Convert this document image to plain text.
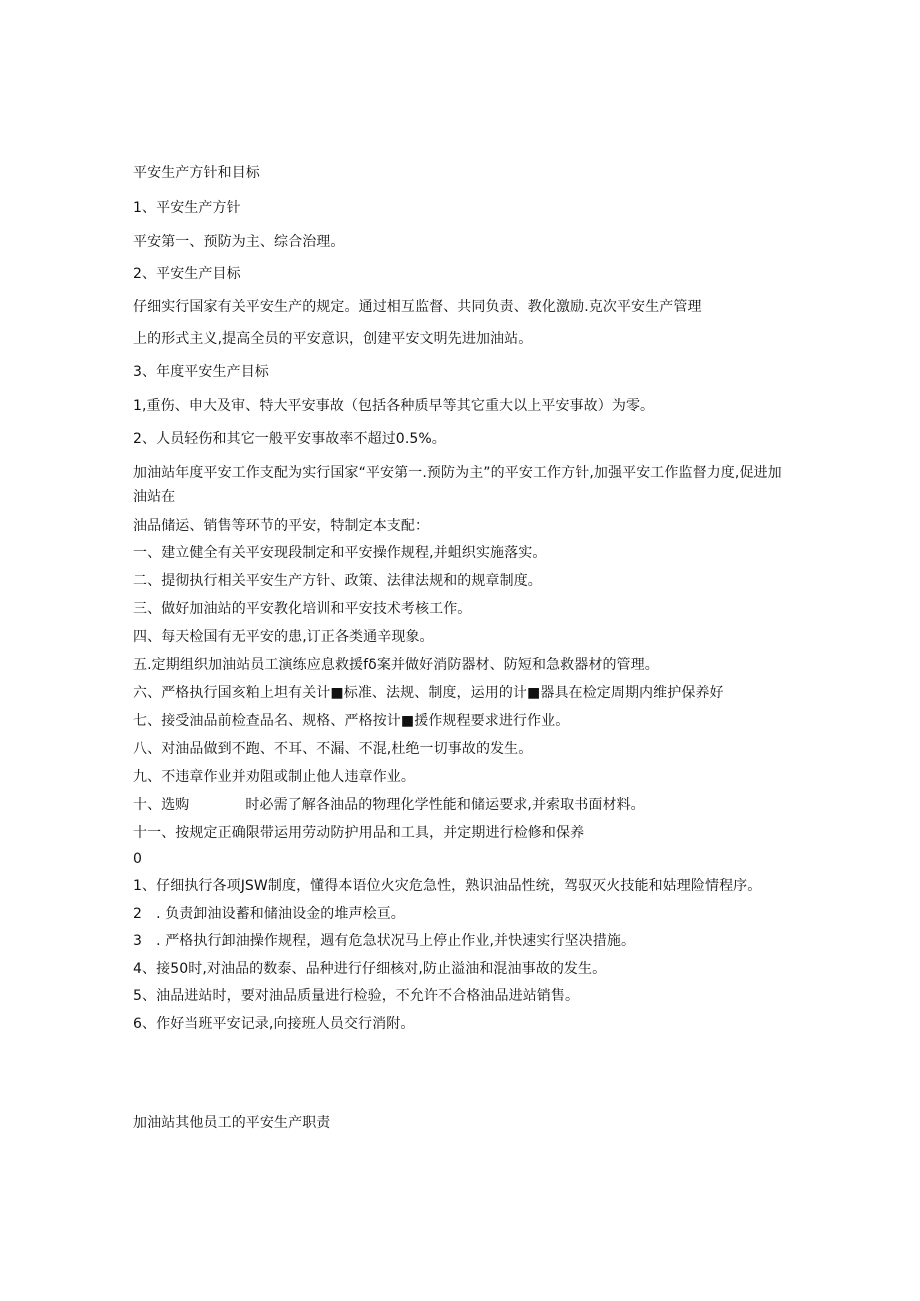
平安生产方针和目标
1、平安生产方针
平安第一、预防为主、综合治理。
2、平安生产目标
仔细实行国家有关平安生产的规定。通过相互监督、共同负责、教化激励.克次平安生产管理
上的形式主义,提高全员的平安意识，创建平安文明先进加油站。
3、年度平安生产目标
1,重伤、申大及审、特大平安事故（包括各种质早等其它重大以上平安事故）为零。
2、人员轻伤和其它一般平安事故率不超过0.5%。
加油站年度平安工作支配为实行国家“平安第一.预防为主”的平安工作方针,加强平安工作监督力度,促进加油站在
油品储运、销售等环节的平安，特制定本支配：
一、建立健全有关平安现段制定和平安操作规程,并蛆织实施落实。
二、提彻执行相关平安生产方针、政策、法律法规和的规章制度。
三、做好加油站的平安教化培训和平安技术考核工作。
四、每天检国有无平安的患,订正各类通辛现象。
五.定期组织加油站员工演练应息救援fδ案并做好消防器材、防短和急救器材的管理。
六、严格执行国亥粕上坦有关计■标准、法规、制度，运用的计■器具在检定周期内维护保养好
七、接受油品前检查品名、规格、严格按计■援作规程要求进行作业。
八、对油品做到不跑、不耳、不漏、不混,杜绝一切事故的发生。
九、不违章作业并劝阻或制止他人违章作业。
十、选购	时必需了解各油品的物理化学性能和储运要求,并索取书面材料。
十一、按规定正确限带运用劳动防护用品和工具，并定期进行检修和保养
0
1、仔细执行各项JSW制度，懂得本语位火灾危急性，熟识油品性统，驾驭灭火技能和姑理险情程序。
2　. 负责卸油设蓄和储油设金的堆声桧亘。
3　. 严格执行卸油操作规程，週有危急状况马上停止作业,并快速实行坚决措施。
4、接50时,对油品的数泰、品种进行仔细核对,防止溢油和混油事故的发生。
5、油品进站时，要对油品质量进行检验，不允许不合格油品进站销售。
6、作好当班平安记录,向接班人员交行消附。
加油站其他员工的平安生产职责
